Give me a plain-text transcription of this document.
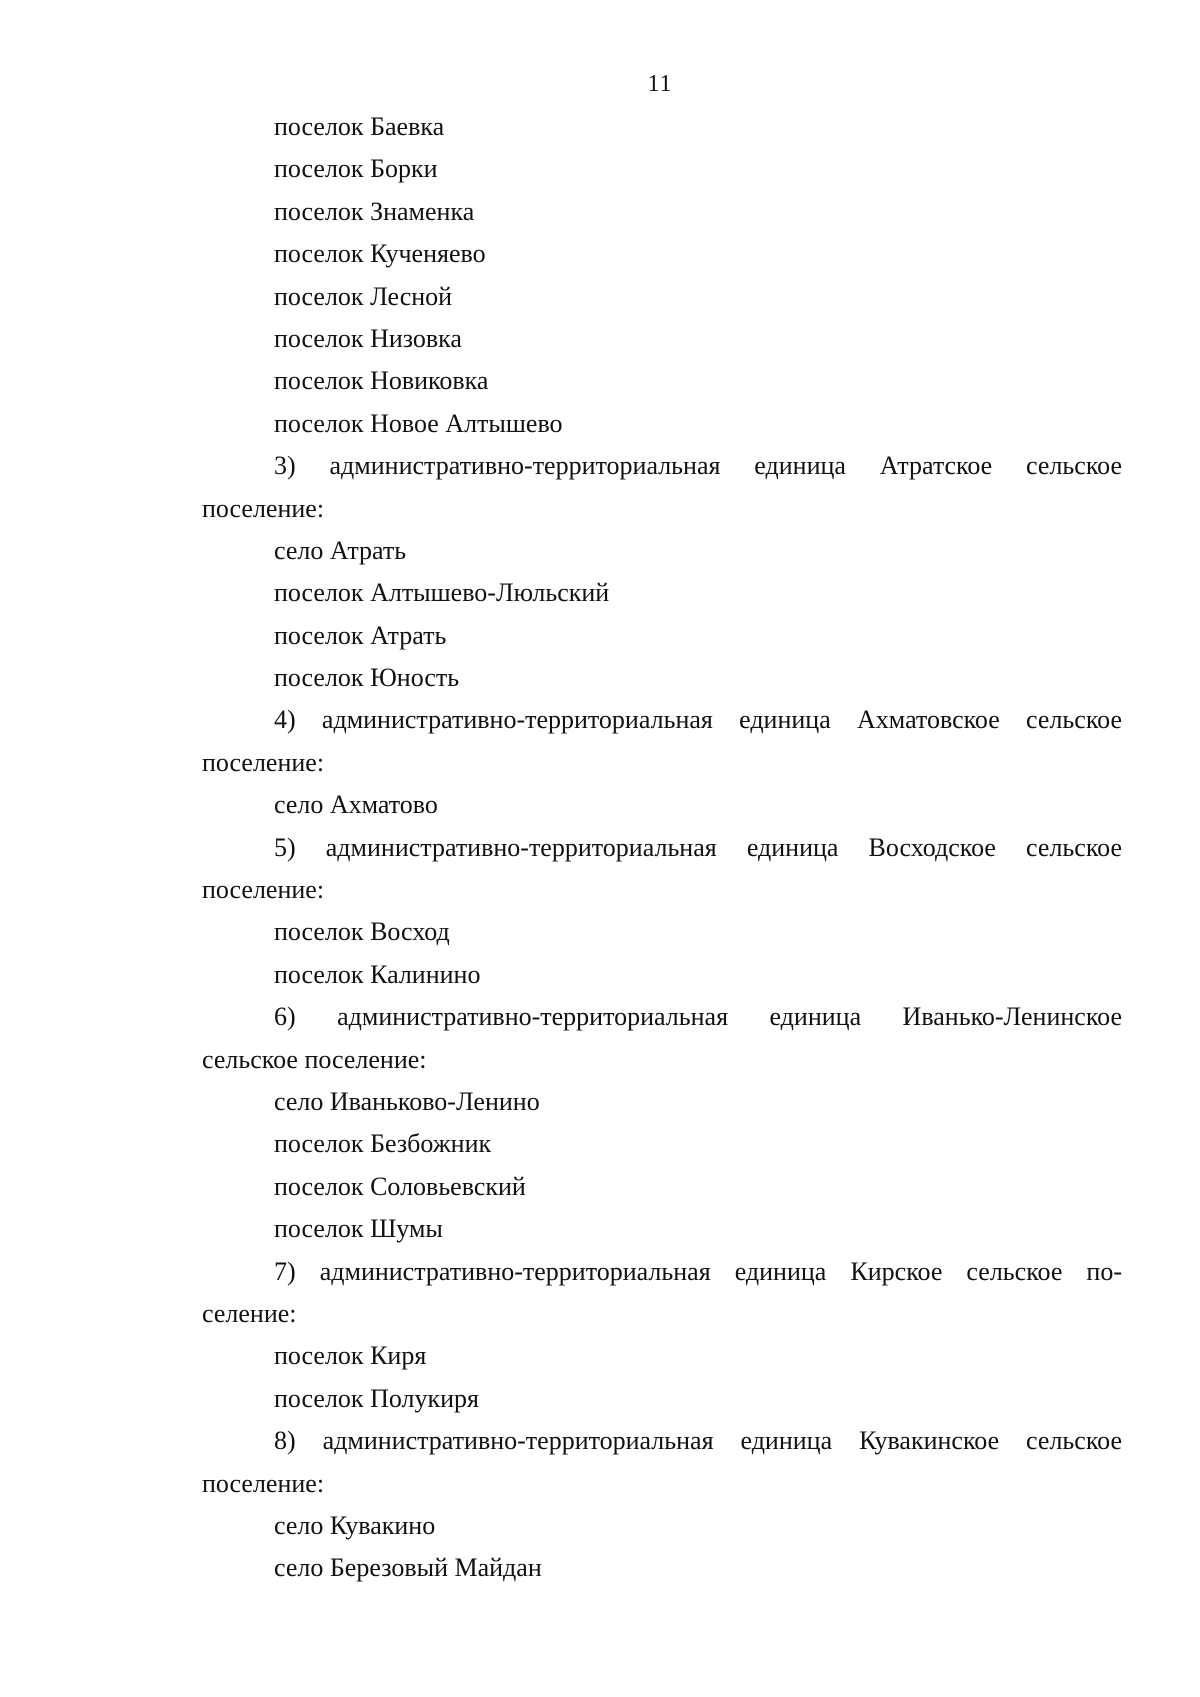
11
поселок Баевка
поселок Борки
поселок Знаменка
поселок Кученяево
поселок Лесной
поселок Низовка
поселок Новиковка
поселок Новое Алтышево
3) административно-территориальная единица Атратское сельское
поселение:
село Атрать
поселок Алтышево-Люльский
поселок Атрать
поселок Юность
4) административно-территориальная единица Ахматовское сельское
поселение:
село Ахматово
5) административно-территориальная единица Восходское сельское
поселение:
поселок Восход
поселок Калинино
6) административно-территориальная единица Иванько-Ленинское
сельское поселение:
село Иваньково-Ленино
поселок Безбожник
поселок Соловьевский
поселок Шумы
7) административно-территориальная единица Кирское сельское по-
селение:
поселок Киря
поселок Полукиря
8) административно-территориальная единица Кувакинское сельское
поселение:
село Кувакино
село Березовый Майдан
